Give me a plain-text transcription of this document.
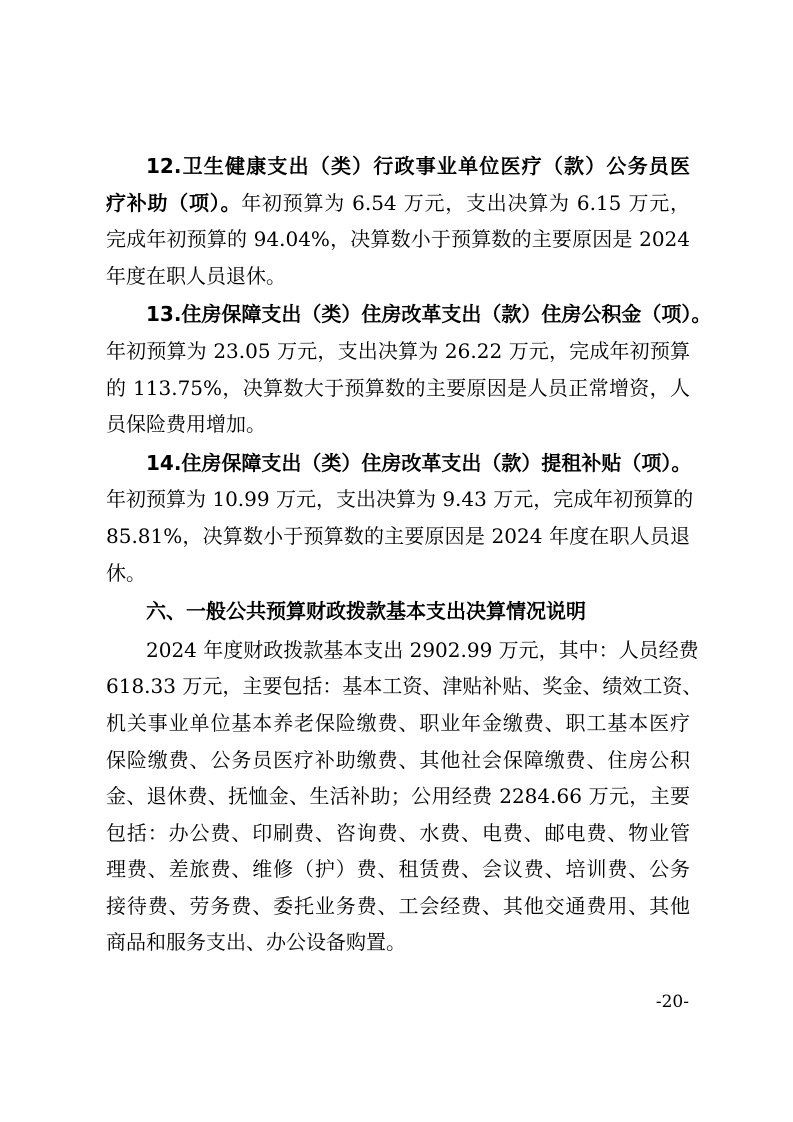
12.卫生健康支出（类）行政事业单位医疗（款）公务员医
疗补助（项）。年初预算为 6.54 万元，支出决算为 6.15 万元，
完成年初预算的 94.04%，决算数小于预算数的主要原因是 2024
年度在职人员退休。
13.住房保障支出（类）住房改革支出（款）住房公积金（项）。
年初预算为 23.05 万元，支出决算为 26.22 万元，完成年初预算
的 113.75%，决算数大于预算数的主要原因是人员正常增资，人
员保险费用增加。
14.住房保障支出（类）住房改革支出（款）提租补贴（项）。
年初预算为 10.99 万元，支出决算为 9.43 万元，完成年初预算的
85.81%，决算数小于预算数的主要原因是 2024 年度在职人员退
休。
六、一般公共预算财政拨款基本支出决算情况说明
2024 年度财政拨款基本支出 2902.99 万元，其中：人员经费
618.33 万元，主要包括：基本工资、津贴补贴、奖金、绩效工资、
机关事业单位基本养老保险缴费、职业年金缴费、职工基本医疗
保险缴费、公务员医疗补助缴费、其他社会保障缴费、住房公积
金、退休费、抚恤金、生活补助；公用经费 2284.66 万元，主要
包括：办公费、印刷费、咨询费、水费、电费、邮电费、物业管
理费、差旅费、维修（护）费、租赁费、会议费、培训费、公务
接待费、劳务费、委托业务费、工会经费、其他交通费用、其他
商品和服务支出、办公设备购置。
-20-
